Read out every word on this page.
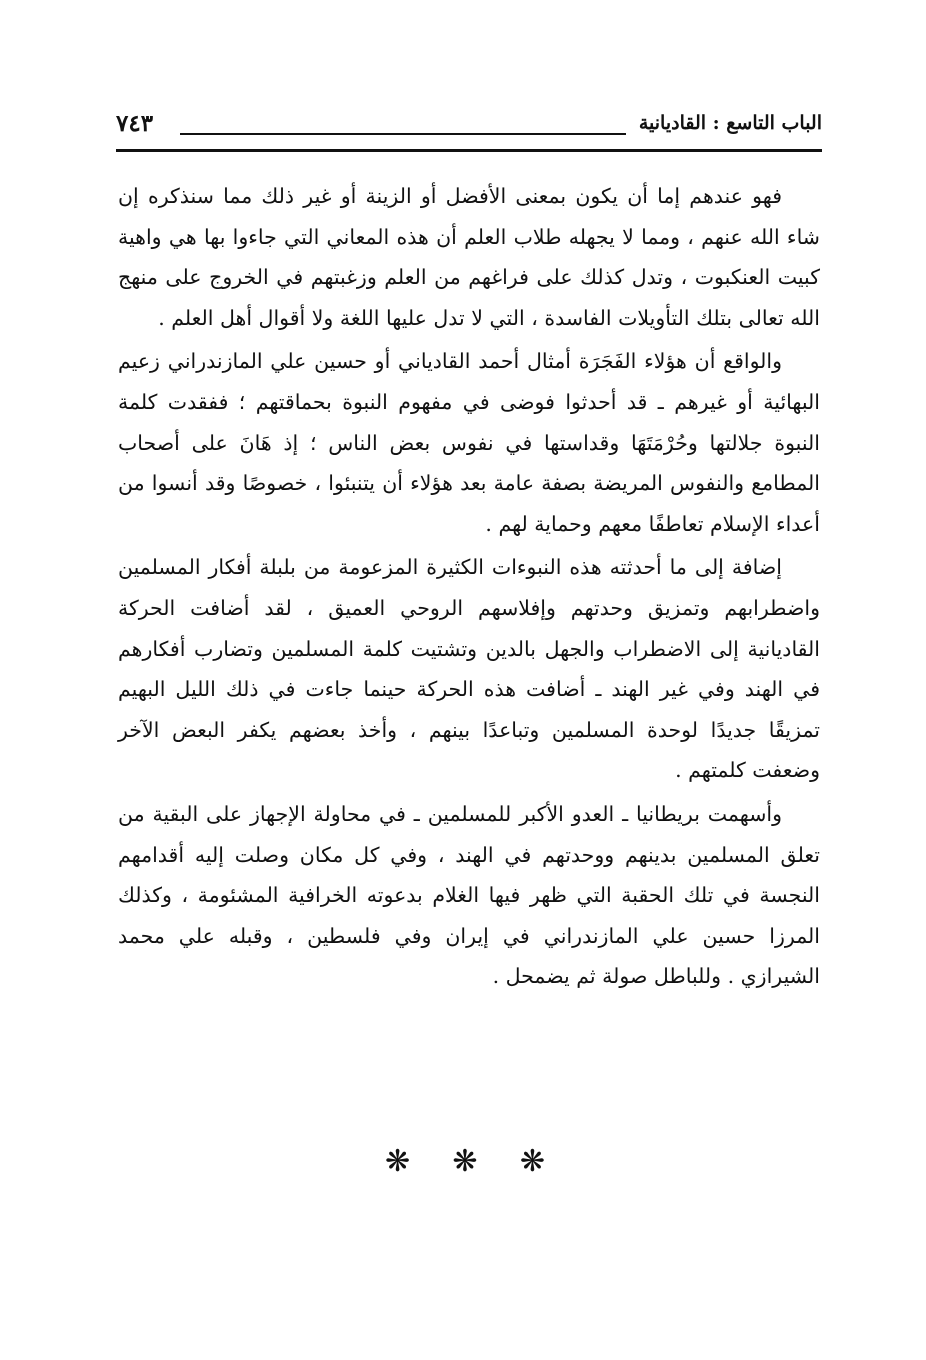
الباب التاسع : القاديانية
٧٤٣

فهو عندهم إما أن يكون بمعنى الأفضل أو الزينة أو غير ذلك مما سنذكره إن شاء الله عنهم ، ومما لا يجهله طلاب العلم أن هذه المعاني التي جاءوا بها هي واهية كبيت العنكبوت ، وتدل كذلك على فراغهم من العلم وزغبتهم في الخروج على منهج الله تعالى بتلك التأويلات الفاسدة ، التي لا تدل عليها اللغة ولا أقوال أهل العلم .

والواقع أن هؤلاء الفَجَرَة أمثال أحمد القادياني أو حسين علي المازندراني زعيم البهائية أو غيرهم ـ قد أحدثوا فوضى في مفهوم النبوة بحماقتهم ؛ ففقدت كلمة النبوة جلالتها وحُرْمَتَهَا وقداستها في نفوس بعض الناس ؛ إذ هَانَ على أصحاب المطامع والنفوس المريضة بصفة عامة بعد هؤلاء أن يتنبئوا ، خصوصًا وقد أنسوا من أعداء الإسلام تعاطفًا معهم وحماية لهم .

إضافة إلى ما أحدثته هذه النبوءات الكثيرة المزعومة من بلبلة أفكار المسلمين واضطرابهم وتمزيق وحدتهم وإفلاسهم الروحي العميق ، لقد أضافت الحركة القاديانية إلى الاضطراب والجهل بالدين وتشتيت كلمة المسلمين وتضارب أفكارهم في الهند وفي غير الهند ـ أضافت هذه الحركة حينما جاءت في ذلك الليل البهيم تمزيقًا جديدًا لوحدة المسلمين وتباعدًا بينهم ، وأخذ بعضهم يكفر البعض الآخر وضعفت كلمتهم .

وأسهمت بريطانيا ـ العدو الأكبر للمسلمين ـ في محاولة الإجهاز على البقية من تعلق المسلمين بدينهم ووحدتهم في الهند ، وفي كل مكان وصلت إليه أقدامهم النجسة في تلك الحقبة التي ظهر فيها الغلام بدعوته الخرافية المشئومة ، وكذلك المرزا حسين علي المازندراني في إيران وفي فلسطين ، وقبله علي محمد الشيرازي . وللباطل صولة ثم يضمحل .

❋ ❋ ❋
